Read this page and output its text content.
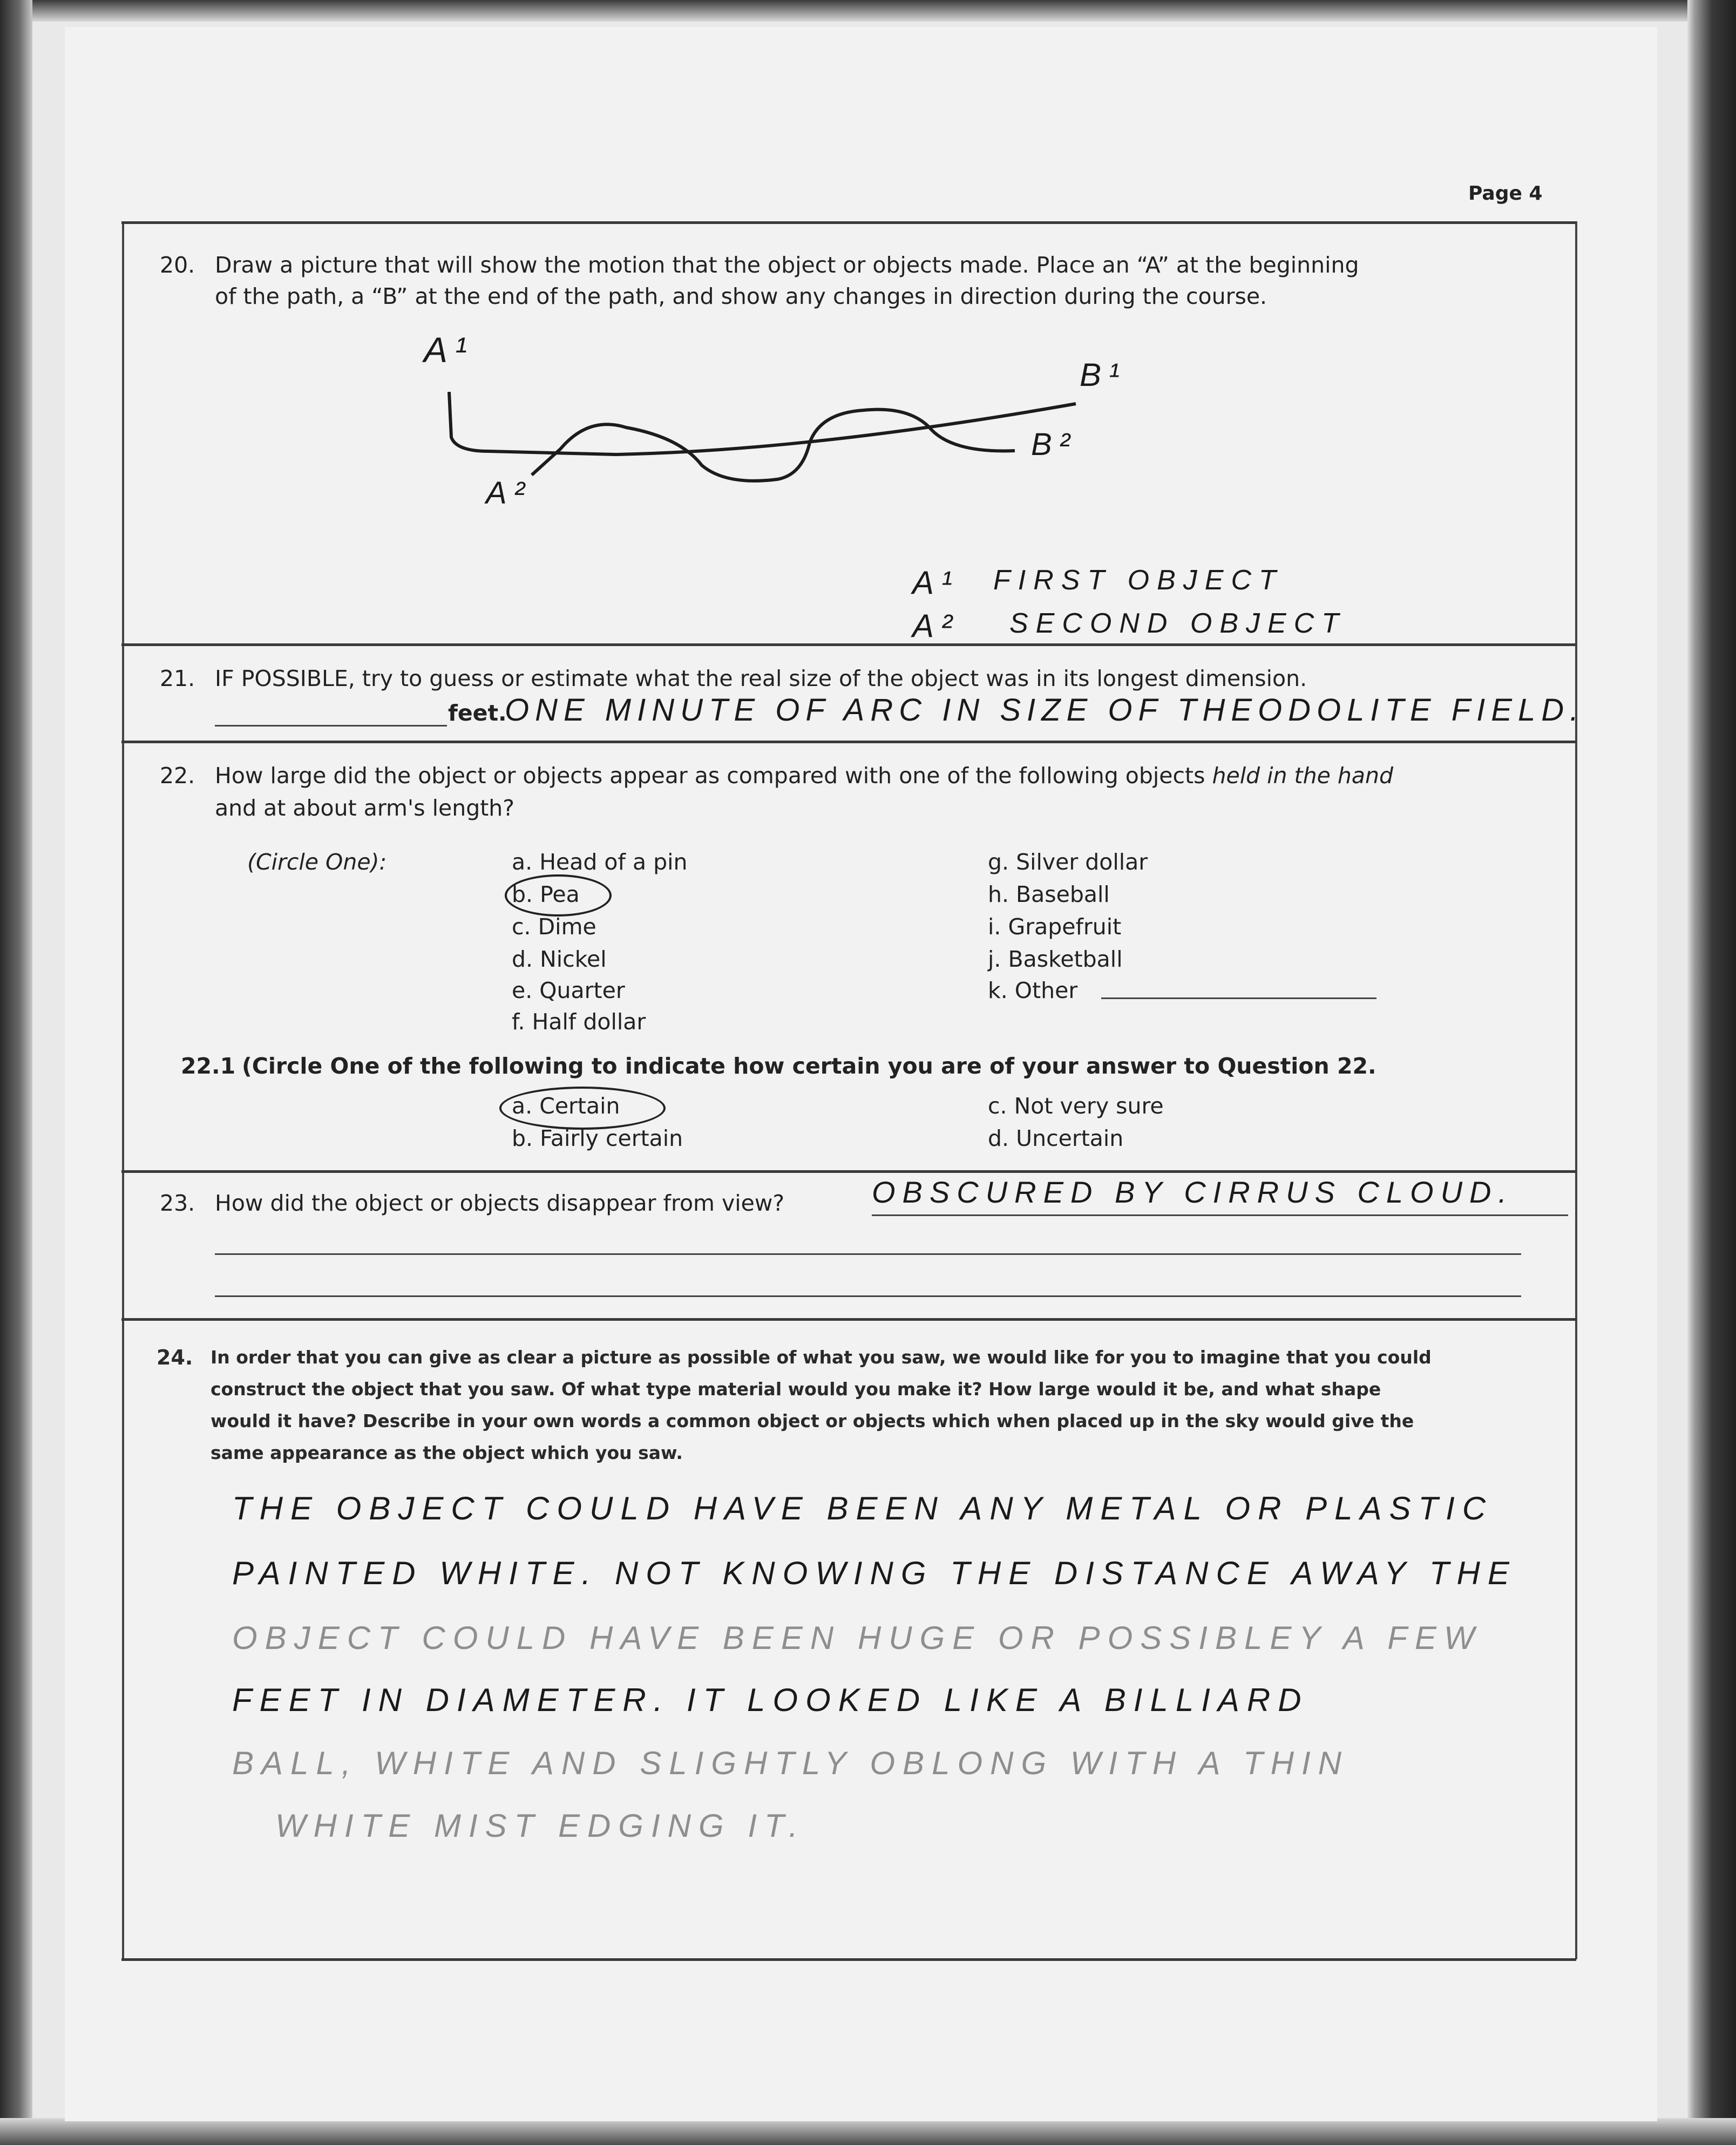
Page 4
20. Draw a picture that will show the motion that the object or objects made. Place an “A” at the beginning
of the path, a “B” at the end of the path, and show any changes in direction during the course.
A¹
A²
B¹
B²
A¹ FIRST OBJECT
A² SECOND OBJECT
21. IF POSSIBLE, try to guess or estimate what the real size of the object was in its longest dimension.
feet.
ONE MINUTE OF ARC IN SIZE OF THEODOLITE FIELD.
22. How large did the object or objects appear as compared with one of the following objects held in the hand
and at about arm's length?
(Circle One):	a. Head of a pin
b. Pea
c. Dime
d. Nickel
e. Quarter
f. Half dollar
g. Silver dollar
h. Baseball
i. Grapefruit
j. Basketball
k. Other
22.1 (Circle One of the following to indicate how certain you are of your answer to Question 22.
a. Certain
b. Fairly certain
c. Not very sure
d. Uncertain
23. How did the object or objects disappear from view?	OBSCURED BY CIRRUS CLOUD.
24. In order that you can give as clear a picture as possible of what you saw, we would like for you to imagine that you could
construct the object that you saw. Of what type material would you make it? How large would it be, and what shape
would it have? Describe in your own words a common object or objects which when placed up in the sky would give the
same appearance as the object which you saw.
THE OBJECT COULD HAVE BEEN ANY METAL OR PLASTIC
PAINTED WHITE. NOT KNOWING THE DISTANCE AWAY THE
OBJECT COULD HAVE BEEN HUGE OR POSSIBLEY A FEW
FEET IN DIAMETER. IT LOOKED LIKE A BILLIARD
BALL, WHITE AND SLIGHTLY OBLONG WITH A THIN
WHITE MIST EDGING IT.
